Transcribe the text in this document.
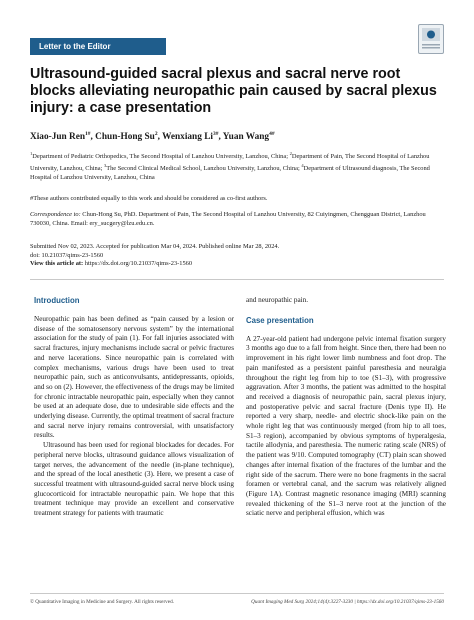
Letter to the Editor
Ultrasound-guided sacral plexus and sacral nerve root blocks alleviating neuropathic pain caused by sacral plexus injury: a case presentation
Xiao-Jun Ren$^{1\#}$, Chun-Hong Su$^2$, Wenxiang $Li^{3\#}$, Yuan Wang$^{4\#}$
$^1$Department of Pediatric Orthopedics, The Second Hospital of Lanzhou University, Lanzhou, China; $^2$Department of Pain, The Second Hospital of Lanzhou University, Lanzhou, China; $^3$The Second Clinical Medical School, Lanzhou University, Lanzhou, China; $^4$Department of Ultrasound diagnosis, The Second Hospital of Lanzhou University, Lanzhou, China
#These authors contributed equally to this work and should be considered as co-first authors.
Correspondence to: Chun-Hong Su, PhD. Department of Pain, The Second Hospital of Lanzhou University, 82 Cuiyingmen, Chengguan District, Lanzhou 730030, China. Email: ery_sucgery@lzu.edu.cn.
Submitted Nov 02, 2023. Accepted for publication Mar 04, 2024. Published online Mar 28, 2024.
doi: 10.21037/qims-23-1560
View this article at: https://dx.doi.org/10.21037/qims-23-1560
Introduction

Neuropathic pain has been defined as “pain caused by a lesion or disease of the somatosensory nervous system” by the international association for the study of pain (1). For fall injuries associated with sacral fractures, injury mechanisms include sacral or pelvic fractures and nerve lacerations. Since neuropathic pain is correlated with complex mechanisms, various drugs have been used to treat neuropathic pain, such as anticonvulsants, antidepressants, opioids, and so on (2). However, the effectiveness of the drugs may be limited for chronic intractable neuropathic pain, especially when they cannot be used at an adequate dose, due to undesirable side effects and the underlying disease. Currently, the optimal treatment of sacral fracture and sacral nerve injury remains controversial, with unsatisfactory results.

Ultrasound has been used for regional blockades for decades. For peripheral nerve blocks, ultrasound guidance allows visualization of target nerves, the advancement of the needle (in-plane technique), and the spread of the local anesthetic (3). Here, we present a case of successful treatment with ultrasound-guided sacral nerve block using glucocorticoid for intractable neuropathic pain. We hope that this treatment technique may provide an excellent and conservative treatment strategy for patients with traumatic

and neuropathic pain.

Case presentation

A 27-year-old patient had undergone pelvic internal fixation surgery 3 months ago due to a fall from height. Since then, there had been no improvement in his right lower limb numbness and foot drop. The pain manifested as a persistent painful paresthesia and neuralgia throughout the right leg from hip to toe (S1–3), with progressive aggravation. After 3 months, the patient was admitted to the hospital and received a diagnosis of neuropathic pain, sacral plexus injury, and postoperative pelvic and sacral fracture (Denis type II). He reported a very sharp, needle- and electric shock-like pain on the whole right leg that was continuously merged (from hip to all toes, S1–3 region), accompanied by obvious symptoms of hyperalgesia, tactile allodynia, and paresthesia. The numeric rating scale (NRS) of the patient was 9/10. Computed tomography (CT) plain scan showed changes after internal fixation of the fractures of the lumbar and the right side of the sacrum. There were no bone fragments in the sacral foramen or vertebral canal, and the sacrum was relatively aligned (Figure 1A). Contrast magnetic resonance imaging (MRI) scanning revealed thickening of the S1–3 nerve root at the junction of the sciatic nerve and peripheral effusion, which was

© Quantitative Imaging in Medicine and Surgery. All rights reserved.	Quant Imaging Med Surg 2024;14(4):3227-3230 | https://dx.doi.org/10.21037/qims-23-1560
